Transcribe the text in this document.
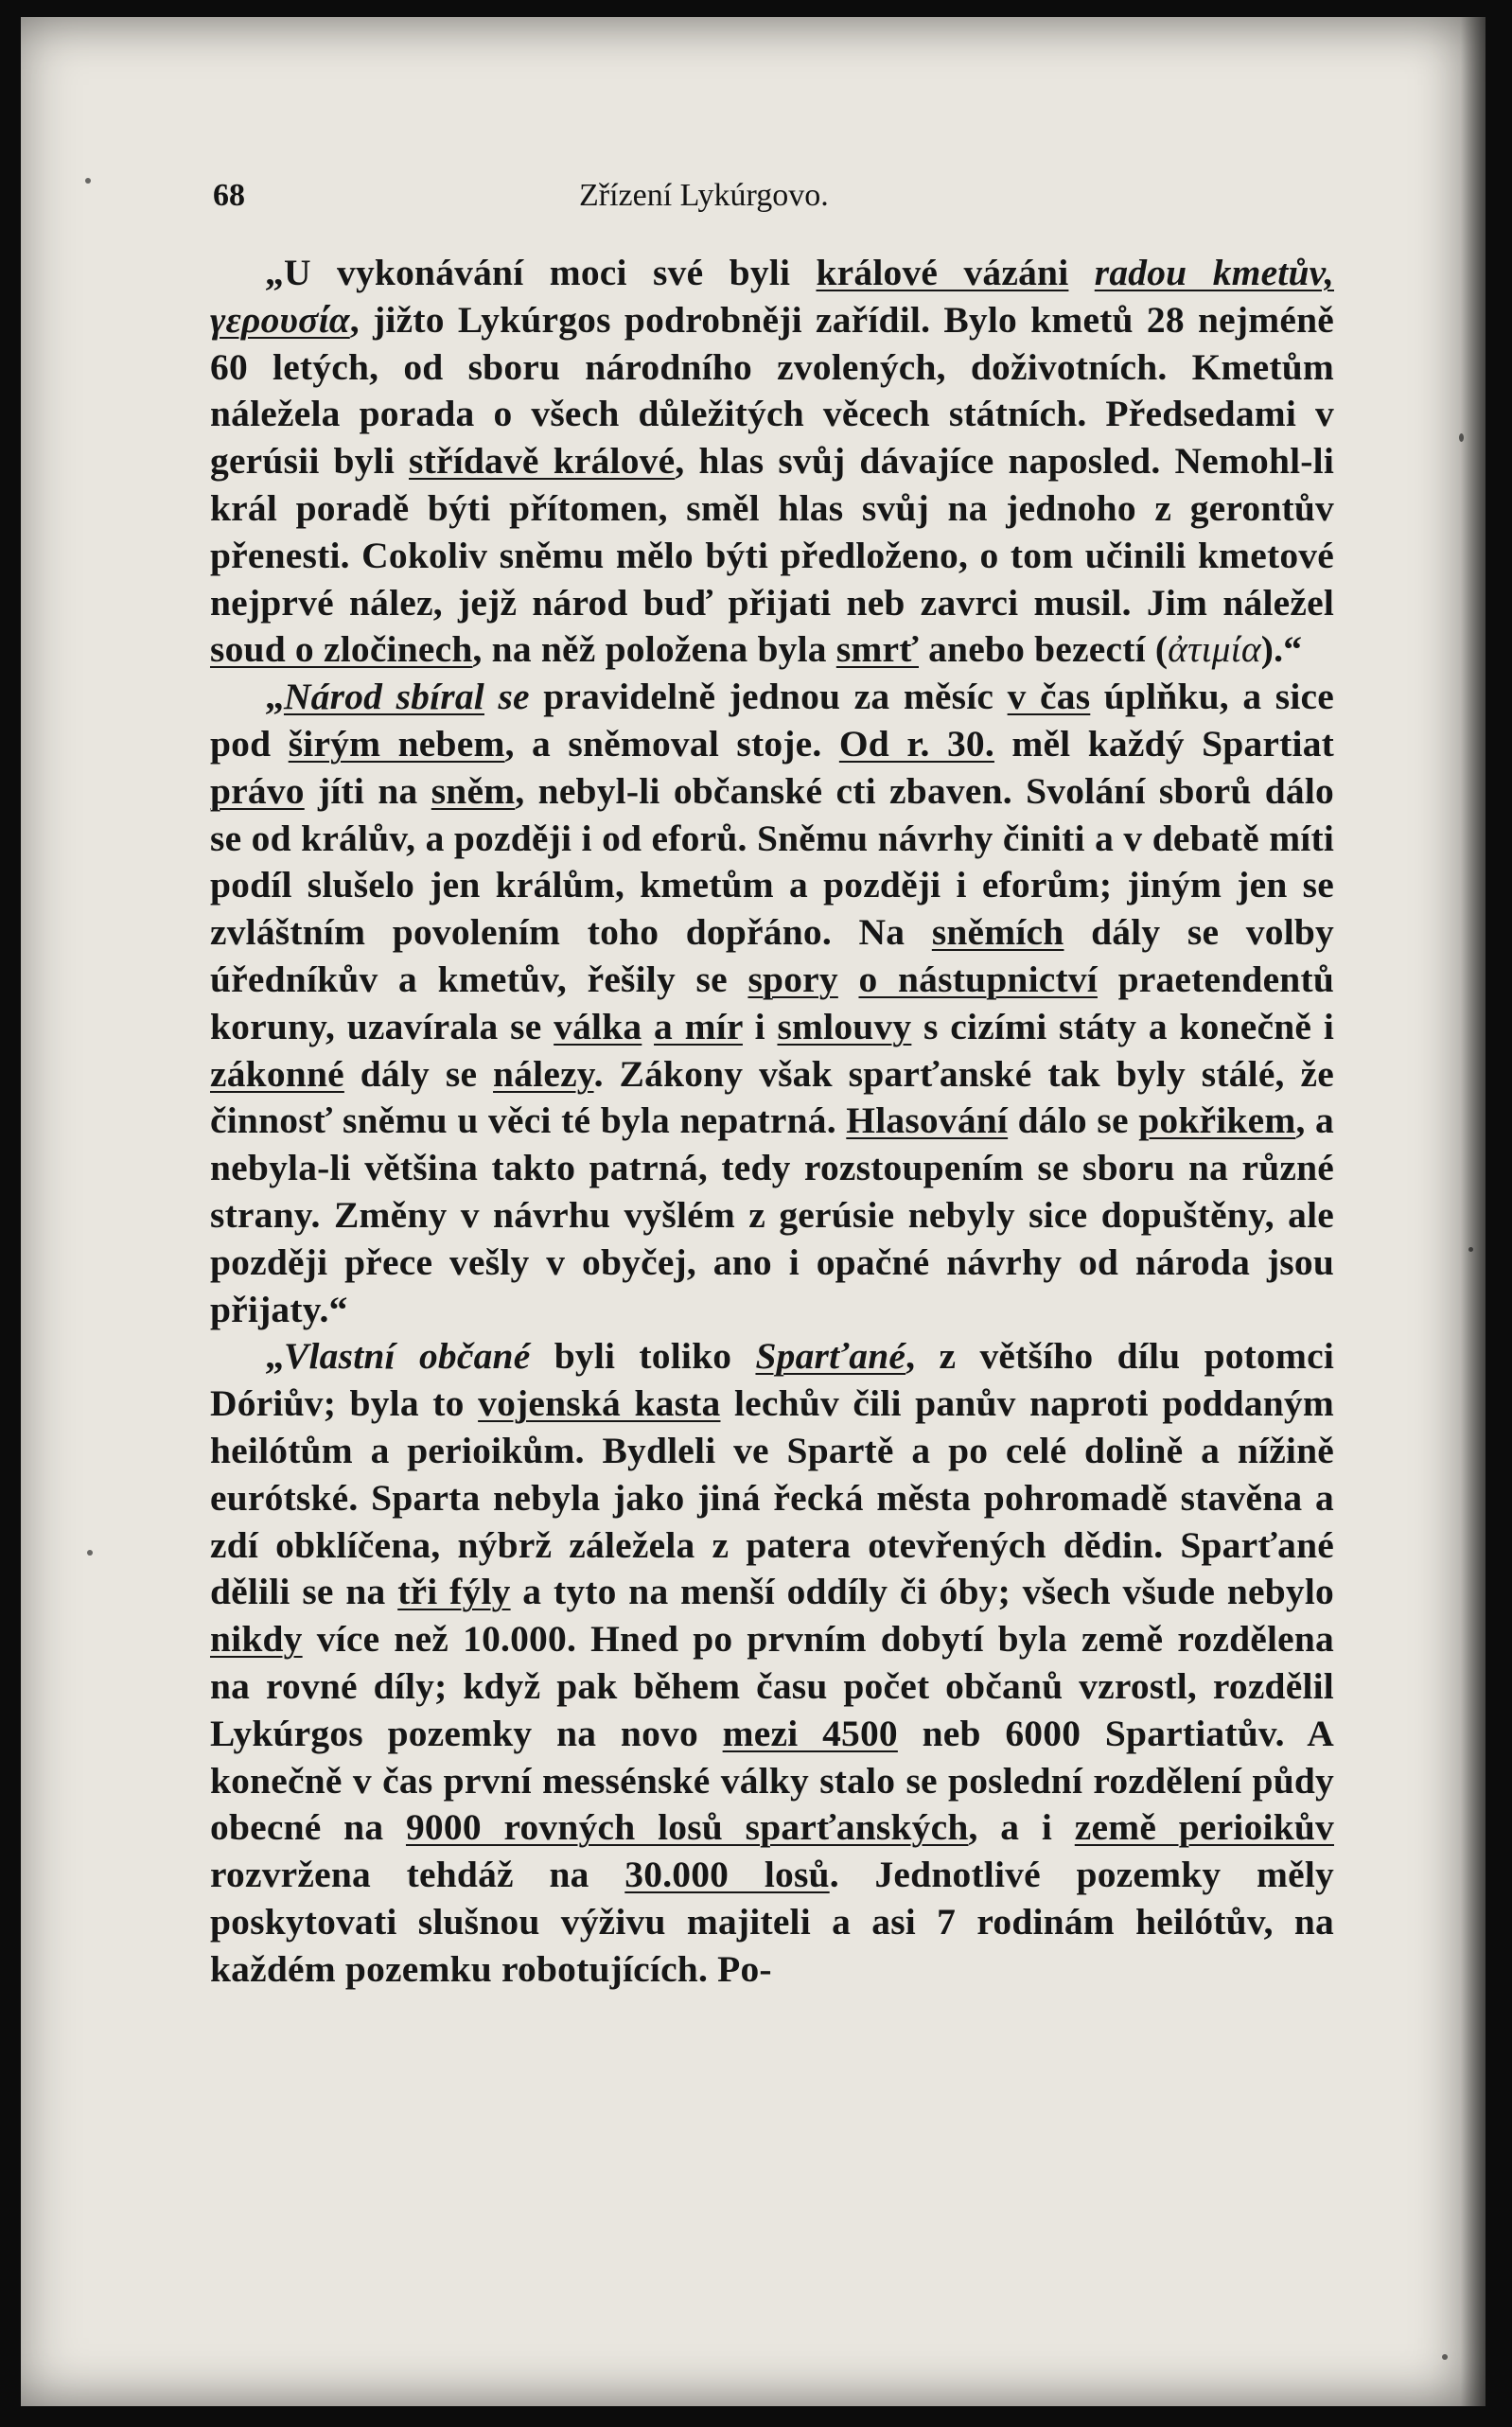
68	Zřízení Lykúrgovo.

„U vykonávání moci své byli králové vázáni radou kmetův, γερουσία, jižto Lykúrgos podrobněji zařídil. Bylo kmetů 28 nejméně 60 letých, od sboru národního zvolených, doživotních. Kmetům náležela porada o všech důležitých věcech státních. Předsedami v gerúsii byli střídavě králové, hlas svůj dávajíce naposled. Nemohl-li král poradě býti přítomen, směl hlas svůj na jednoho z gerontův přenesti. Cokoliv sněmu mělo býti předloženo, o tom učinili kmetové nejprvé nález, jejž národ buď přijati neb zavrci musil. Jim náležel soud o zločinech, na něž položena byla smrť anebo bezectí (ἀτιμία).“

„Národ sbíral se pravidelně jednou za měsíc v čas úplňku, a sice pod širým nebem, a sněmoval stoje. Od r. 30. měl každý Spartiat právo jíti na sněm, nebyl-li občanské cti zbaven. Svolání sborů dálo se od králův, a později i od eforů. Sněmu návrhy činiti a v debatě míti podíl slušelo jen králům, kmetům a později i eforům; jiným jen se zvláštním povolením toho dopřáno. Na sněmích dály se volby úředníkův a kmetův, řešily se spory o nástupnictví praetendentů koruny, uzavírala se válka a mír i smlouvy s cizími státy a konečně i zákonné dály se nálezy. Zákony však sparťanské tak byly stálé, že činnosť sněmu u věci té byla nepatrná. Hlasování dálo se pokřikem, a nebyla-li většina takto patrná, tedy rozstoupením se sboru na různé strany. Změny v návrhu vyšlém z gerúsie nebyly sice dopuštěny, ale později přece vešly v obyčej, ano i opačné návrhy od národa jsou přijaty.“

„Vlastní občané byli toliko Sparťané, z většího dílu potomci Dóriův; byla to vojenská kasta lechův čili panův naproti poddaným heilótům a perioikům. Bydleli ve Spartě a po celé dolině a nížině eurótské. Sparta nebyla jako jiná řecká města pohromadě stavěna a zdí obklíčena, nýbrž záležela z patera otevřených dědin. Sparťané dělili se na tři fýly a tyto na menší oddíly či óby; všech všude nebylo nikdy více než 10.000. Hned po prvním dobytí byla země rozdělena na rovné díly; když pak během času počet občanů vzrostl, rozdělil Lykúrgos pozemky na novo mezi 4500 neb 6000 Spartiatův. A konečně v čas první messénské války stalo se poslední rozdělení půdy obecné na 9000 rovných losů sparťanských, a i země perioikův rozvržena tehdáž na 30.000 losů. Jednotlivé pozemky měly poskytovati slušnou výživu majiteli a asi 7 rodinám heilótův, na každém pozemku robotujících. Po-
